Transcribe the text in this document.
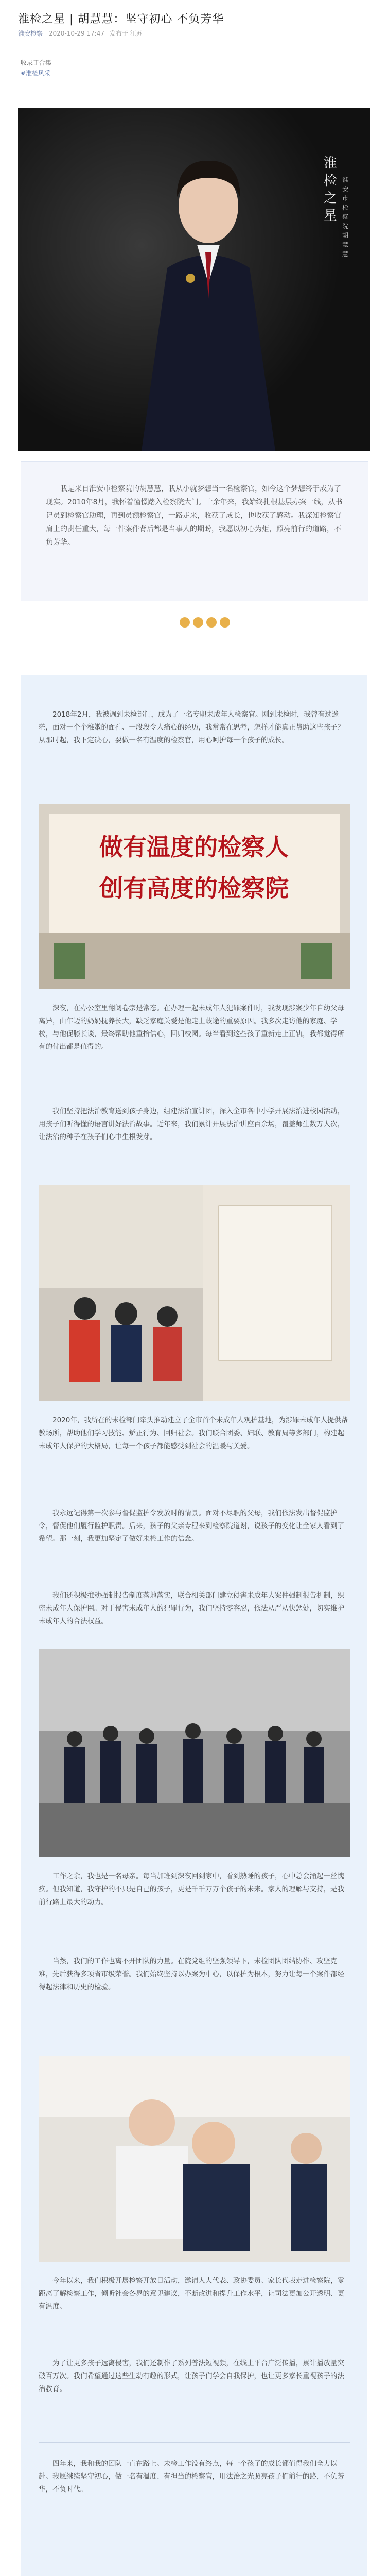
淮检之星 | 胡慧慧：坚守初心 不负芳华
淮安检察 2020-10-29 17:47 发布于 江苏
收录于合集
#淮检风采
淮检之星
淮安市检察院 胡慧慧

我是来自淮安市检察院的胡慧慧，我从小就梦想当一名检察官，如今这个梦想终于成为了现实。2010年8月，我怀着憧憬踏入检察院大门。十余年来，我始终扎根基层办案一线，从书记员到检察官助理，再到员额检察官，一路走来，收获了成长，也收获了感动。我深知检察官肩上的责任重大，每一件案件背后都是当事人的期盼，我愿以初心为炬，照亮前行的道路，不负芳华。

2018年2月，我被调到未检部门，成为了一名专职未成年人检察官。刚到未检时，我曾有过迷茫，面对一个个稚嫩的面孔、一段段令人痛心的经历，我常常在思考，怎样才能真正帮助这些孩子？从那时起，我下定决心，要做一名有温度的检察官，用心呵护每一个孩子的成长。

做有温度的检察人
创有高度的检察院

深夜，在办公室里翻阅卷宗是常态。在办理一起未成年人犯罪案件时，我发现涉案少年自幼父母离异，由年迈的奶奶抚养长大，缺乏家庭关爱是他走上歧途的重要原因。我多次走访他的家庭、学校，与他促膝长谈，最终帮助他重拾信心，回归校园。每当看到这些孩子重新走上正轨，我都觉得所有的付出都是值得的。

我们坚持把法治教育送到孩子身边，组建法治宣讲团，深入全市各中小学开展法治进校园活动，用孩子们听得懂的语言讲好法治故事。近年来，我们累计开展法治讲座百余场，覆盖师生数万人次，让法治的种子在孩子们心中生根发芽。

2020年，我所在的未检部门牵头推动建立了全市首个未成年人观护基地，为涉罪未成年人提供帮教场所，帮助他们学习技能、矫正行为、回归社会。我们联合团委、妇联、教育局等多部门，构建起未成年人保护的大格局，让每一个孩子都能感受到社会的温暖与关爱。

我永远记得第一次参与督促监护令发放时的情景。面对不尽职的父母，我们依法发出督促监护令，督促他们履行监护职责。后来，孩子的父亲专程来到检察院道谢，说孩子的变化让全家人看到了希望。那一刻，我更加坚定了做好未检工作的信念。

我们还积极推动强制报告制度落地落实，联合相关部门建立侵害未成年人案件强制报告机制，织密未成年人保护网。对于侵害未成年人的犯罪行为，我们坚持零容忍，依法从严从快惩处，切实维护未成年人的合法权益。

工作之余，我也是一名母亲。每当加班到深夜回到家中，看到熟睡的孩子，心中总会涌起一丝愧疚。但我知道，我守护的不只是自己的孩子，更是千千万万个孩子的未来。家人的理解与支持，是我前行路上最大的动力。

当然，我们的工作也离不开团队的力量。在院党组的坚强领导下，未检团队团结协作、攻坚克难，先后获得多项省市级荣誉。我们始终坚持以办案为中心，以保护为根本，努力让每一个案件都经得起法律和历史的检验。

今年以来，我们积极开展检察开放日活动，邀请人大代表、政协委员、家长代表走进检察院，零距离了解检察工作，倾听社会各界的意见建议，不断改进和提升工作水平，让司法更加公开透明、更有温度。

为了让更多孩子远离侵害，我们还制作了系列普法短视频，在线上平台广泛传播，累计播放量突破百万次。我们希望通过这些生动有趣的形式，让孩子们学会自我保护，也让更多家长重视孩子的法治教育。

四年来，我和我的团队一直在路上。未检工作没有终点，每一个孩子的成长都值得我们全力以赴。我愿继续坚守初心，做一名有温度、有担当的检察官，用法治之光照亮孩子们前行的路，不负芳华，不负时代。
